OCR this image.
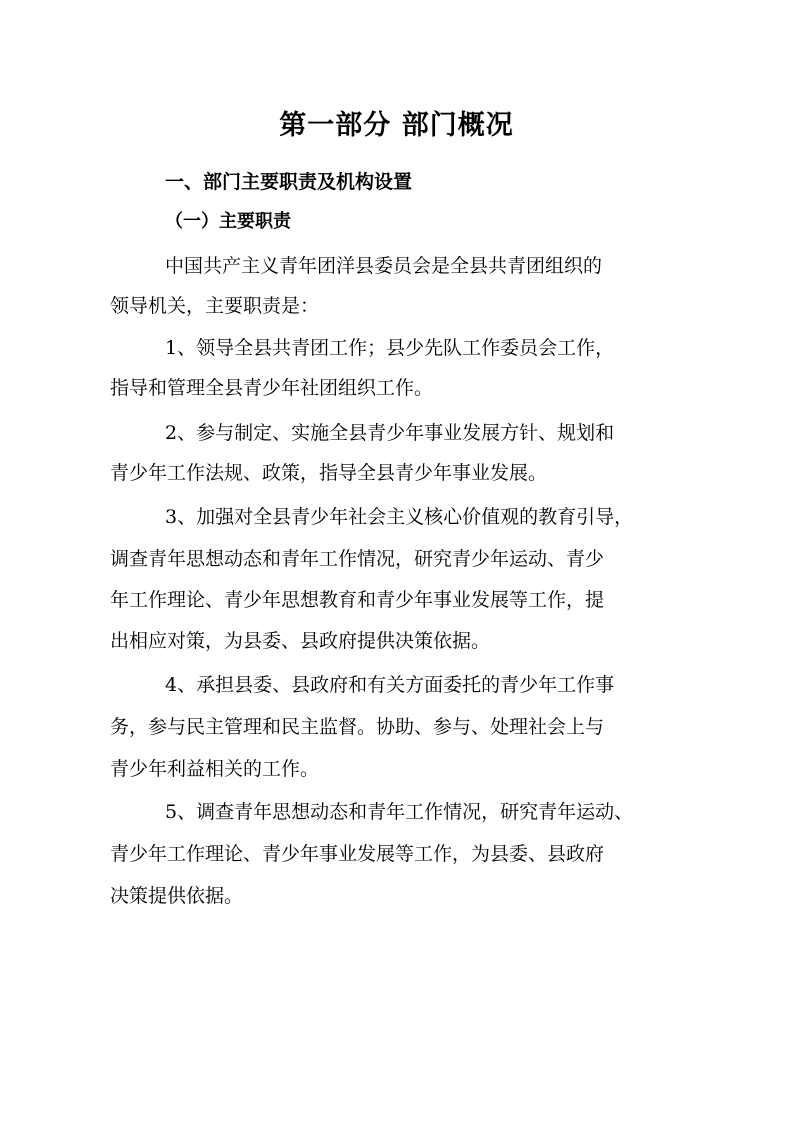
第一部分 部门概况
一、部门主要职责及机构设置
（一）主要职责

中国共产主义青年团洋县委员会是全县共青团组织的

领导机关，主要职责是：

1、领导全县共青团工作；县少先队工作委员会工作，

指导和管理全县青少年社团组织工作。

2、参与制定、实施全县青少年事业发展方针、规划和

青少年工作法规、政策，指导全县青少年事业发展。

3、加强对全县青少年社会主义核心价值观的教育引导，

调查青年思想动态和青年工作情况，研究青少年运动、青少

年工作理论、青少年思想教育和青少年事业发展等工作，提

出相应对策，为县委、县政府提供决策依据。

4、承担县委、县政府和有关方面委托的青少年工作事

务，参与民主管理和民主监督。协助、参与、处理社会上与

青少年利益相关的工作。

5、调查青年思想动态和青年工作情况，研究青年运动、

青少年工作理论、青少年事业发展等工作，为县委、县政府

决策提供依据。
